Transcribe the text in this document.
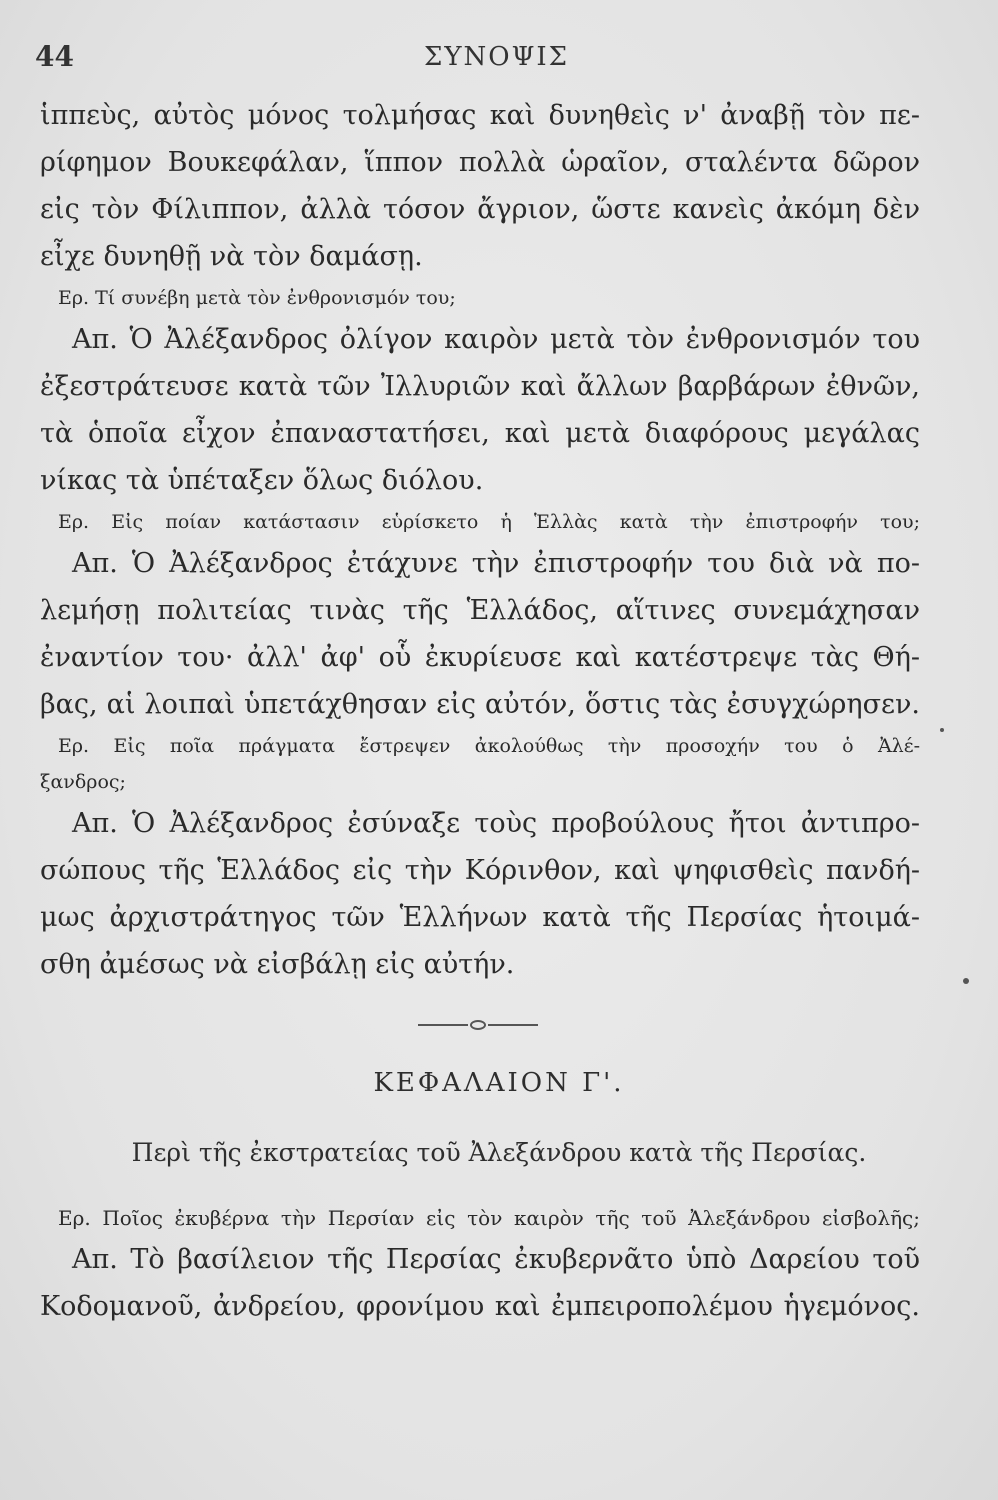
44	ΣΥΝΟΨΙΣ
ἱππεὺς, αὐτὸς μόνος τολμήσας καὶ δυνηθεὶς ν' ἀναβῇ τὸν πε-
ρίφημον Βουκεφάλαν, ἵππον πολλὰ ὡραῖον, σταλέντα δῶρον
εἰς τὸν Φίλιππον, ἀλλὰ τόσον ἄγριον, ὥστε κανεὶς ἀκόμη δὲν
εἶχε δυνηθῇ νὰ τὸν δαμάσῃ.
Ερ. Τί συνέβη μετὰ τὸν ἐνθρονισμόν του;
Απ. Ὁ Ἀλέξανδρος ὀλίγον καιρὸν μετὰ τὸν ἐνθρονισμόν του
ἐξεστράτευσε κατὰ τῶν Ἰλλυριῶν καὶ ἄλλων βαρβάρων ἐθνῶν,
τὰ ὁποῖα εἶχον ἐπαναστατήσει, καὶ μετὰ διαφόρους μεγάλας
νίκας τὰ ὑπέταξεν ὅλως διόλου.
Ερ. Εἰς ποίαν κατάστασιν εὑρίσκετο ἡ Ἑλλὰς κατὰ τὴν ἐπιστροφήν του;
Απ. Ὁ Ἀλέξανδρος ἐτάχυνε τὴν ἐπιστροφήν του διὰ νὰ πο-
λεμήσῃ πολιτείας τινὰς τῆς Ἑλλάδος, αἵτινες συνεμάχησαν
ἐναντίον του· ἀλλ' ἀφ' οὗ ἐκυρίευσε καὶ κατέστρεψε τὰς Θή-
βας, αἱ λοιπαὶ ὑπετάχθησαν εἰς αὐτόν, ὅστις τὰς ἐσυγχώρησεν.
Ερ. Εἰς ποῖα πράγματα ἔστρεψεν ἀκολούθως τὴν προσοχήν του ὁ Ἀλέ-
ξανδρος;
Απ. Ὁ Ἀλέξανδρος ἐσύναξε τοὺς προβούλους ἤτοι ἀντιπρο-
σώπους τῆς Ἑλλάδος εἰς τὴν Κόρινθον, καὶ ψηφισθεὶς πανδή-
μως ἀρχιστράτηγος τῶν Ἑλλήνων κατὰ τῆς Περσίας ἡτοιμά-
σθη ἀμέσως νὰ εἰσβάλῃ εἰς αὐτήν.
ΚΕΦΑΛΑΙΟΝ Γ'.
Περὶ τῆς ἐκστρατείας τοῦ Ἀλεξάνδρου κατὰ τῆς Περσίας.
Ερ. Ποῖος ἐκυβέρνα τὴν Περσίαν εἰς τὸν καιρὸν τῆς τοῦ Ἀλεξάνδρου εἰσβολῆς;
Απ. Τὸ βασίλειον τῆς Περσίας ἐκυβερνᾶτο ὑπὸ Δαρείου τοῦ
Κοδομανοῦ, ἀνδρείου, φρονίμου καὶ ἐμπειροπολέμου ἡγεμόνος.
